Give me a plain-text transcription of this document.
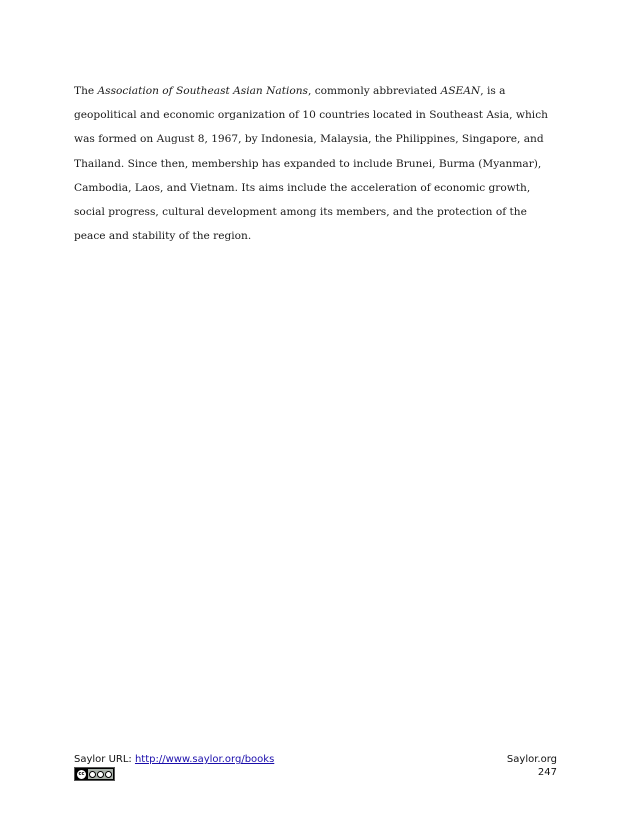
The Association of Southeast Asian Nations, commonly abbreviated ASEAN, is a geopolitical and economic organization of 10 countries located in Southeast Asia, which was formed on August 8, 1967, by Indonesia, Malaysia, the Philippines, Singapore, and Thailand. Since then, membership has expanded to include Brunei, Burma (Myanmar), Cambodia, Laos, and Vietnam. Its aims include the acceleration of economic growth, social progress, cultural development among its members, and the protection of the peace and stability of the region.

Saylor URL: http://www.saylor.org/books
cc
Saylor.org
247
